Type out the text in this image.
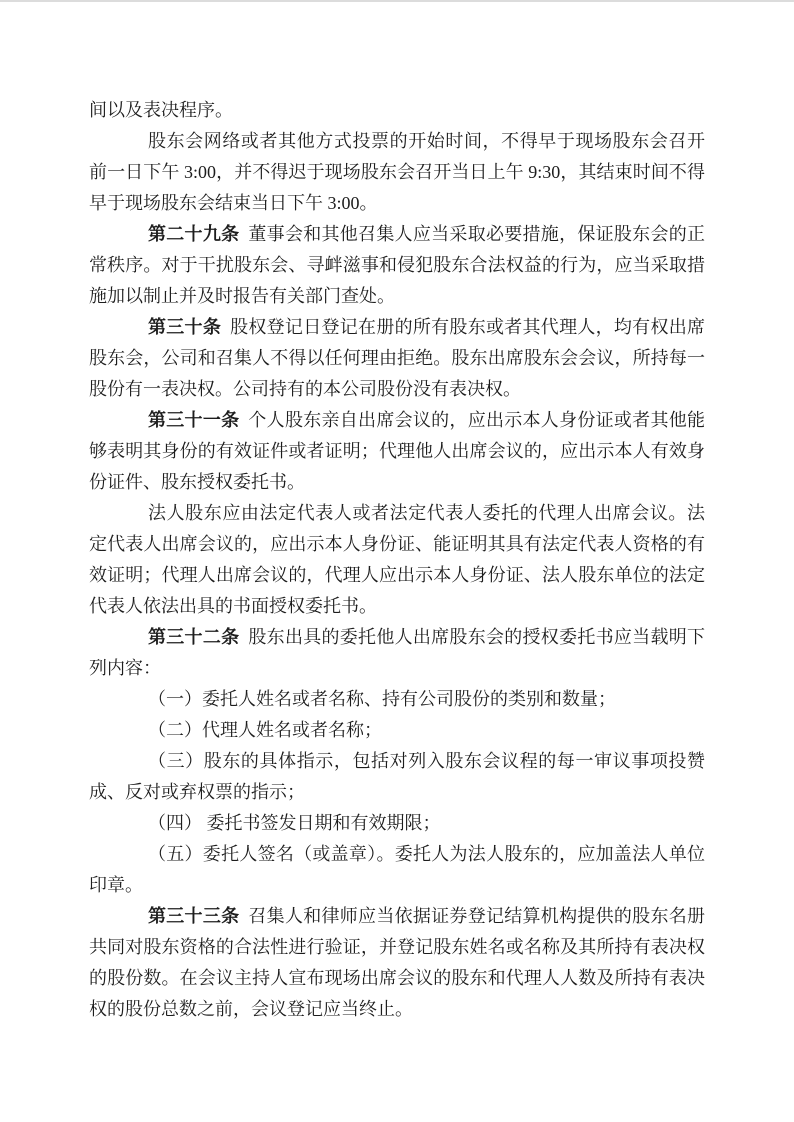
间以及表决程序。

股东会网络或者其他方式投票的开始时间，不得早于现场股东会召开前一日下午 3:00，并不得迟于现场股东会召开当日上午 9:30，其结束时间不得早于现场股东会结束当日下午 3:00。

第二十九条 董事会和其他召集人应当采取必要措施，保证股东会的正常秩序。对于干扰股东会、寻衅滋事和侵犯股东合法权益的行为，应当采取措施加以制止并及时报告有关部门查处。

第三十条 股权登记日登记在册的所有股东或者其代理人，均有权出席股东会，公司和召集人不得以任何理由拒绝。股东出席股东会会议，所持每一股份有一表决权。公司持有的本公司股份没有表决权。

第三十一条 个人股东亲自出席会议的，应出示本人身份证或者其他能够表明其身份的有效证件或者证明；代理他人出席会议的，应出示本人有效身份证件、股东授权委托书。

法人股东应由法定代表人或者法定代表人委托的代理人出席会议。法定代表人出席会议的，应出示本人身份证、能证明其具有法定代表人资格的有效证明；代理人出席会议的，代理人应出示本人身份证、法人股东单位的法定代表人依法出具的书面授权委托书。

第三十二条 股东出具的委托他人出席股东会的授权委托书应当载明下列内容：

（一）委托人姓名或者名称、持有公司股份的类别和数量；

（二）代理人姓名或者名称；

（三）股东的具体指示，包括对列入股东会议程的每一审议事项投赞成、反对或弃权票的指示；

（四） 委托书签发日期和有效期限；

（五）委托人签名（或盖章）。委托人为法人股东的，应加盖法人单位印章。

第三十三条 召集人和律师应当依据证券登记结算机构提供的股东名册共同对股东资格的合法性进行验证，并登记股东姓名或名称及其所持有表决权的股份数。在会议主持人宣布现场出席会议的股东和代理人人数及所持有表决权的股份总数之前，会议登记应当终止。
